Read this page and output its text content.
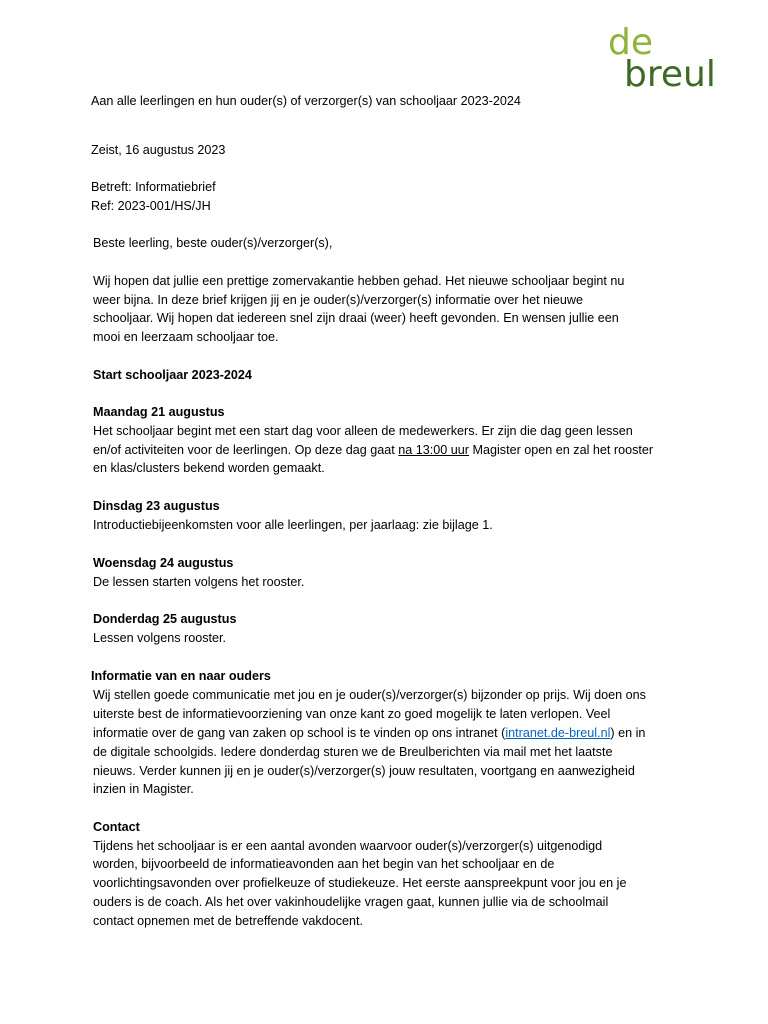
de
breul
Aan alle leerlingen en hun ouder(s) of verzorger(s) van schooljaar 2023-2024
Zeist, 16 augustus 2023
Betreft: Informatiebrief
Ref: 2023-001/HS/JH
Beste leerling, beste ouder(s)/verzorger(s),
Wij hopen dat jullie een prettige zomervakantie hebben gehad. Het nieuwe schooljaar begint nu
weer bijna. In deze brief krijgen jij en je ouder(s)/verzorger(s) informatie over het nieuwe
schooljaar. Wij hopen dat iedereen snel zijn draai (weer) heeft gevonden. En wensen jullie een
mooi en leerzaam schooljaar toe.
Start schooljaar 2023-2024
Maandag 21 augustus
Het schooljaar begint met een start dag voor alleen de medewerkers. Er zijn die dag geen lessen
en/of activiteiten voor de leerlingen. Op deze dag gaat na 13:00 uur Magister open en zal het rooster
en klas/clusters bekend worden gemaakt.
Dinsdag 23 augustus
Introductiebijeenkomsten voor alle leerlingen, per jaarlaag: zie bijlage 1.
Woensdag 24 augustus
De lessen starten volgens het rooster.
Donderdag 25 augustus
Lessen volgens rooster.
Informatie van en naar ouders
Wij stellen goede communicatie met jou en je ouder(s)/verzorger(s) bijzonder op prijs. Wij doen ons
uiterste best de informatievoorziening van onze kant zo goed mogelijk te laten verlopen. Veel
informatie over de gang van zaken op school is te vinden op ons intranet (intranet.de-breul.nl) en in
de digitale schoolgids. Iedere donderdag sturen we de Breulberichten via mail met het laatste
nieuws. Verder kunnen jij en je ouder(s)/verzorger(s) jouw resultaten, voortgang en aanwezigheid
inzien in Magister.
Contact
Tijdens het schooljaar is er een aantal avonden waarvoor ouder(s)/verzorger(s) uitgenodigd
worden, bijvoorbeeld de informatieavonden aan het begin van het schooljaar en de
voorlichtingsavonden over profielkeuze of studiekeuze. Het eerste aanspreekpunt voor jou en je
ouders is de coach. Als het over vakinhoudelijke vragen gaat, kunnen jullie via de schoolmail
contact opnemen met de betreffende vakdocent.
